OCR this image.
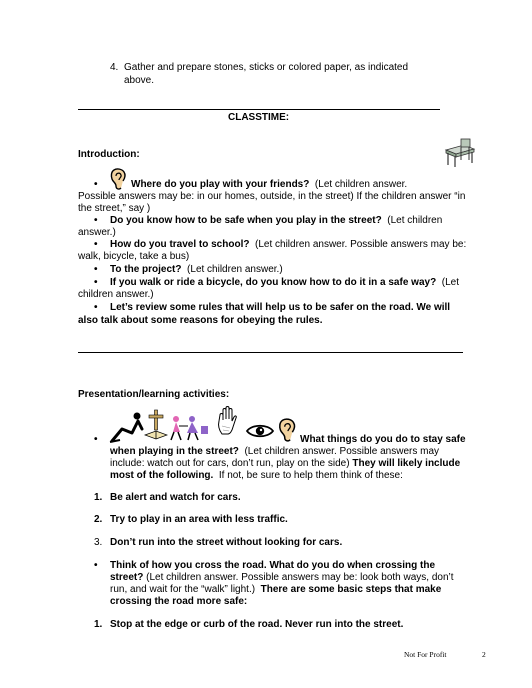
4. Gather and prepare stones, sticks or colored paper, as indicated
above.
CLASSTIME:
Introduction:
•	Where do you play with your friends? (Let children answer.
Possible answers may be: in our homes, outside, in the street) If the children answer “in
the street,” say )
• Do you know how to be safe when you play in the street? (Let children
answer.)
• How do you travel to school? (Let children answer. Possible answers may be:
walk, bicycle, take a bus)
• To the project? (Let children answer.)
• If you walk or ride a bicycle, do you know how to do it in a safe way? (Let
children answer.)
• Let’s review some rules that will help us to be safer on the road. We will
also talk about some reasons for obeying the rules.
Presentation/learning activities:
•	What things do you do to stay safe
when playing in the street? (Let children answer. Possible answers may
include: watch out for cars, don’t run, play on the side) They will likely include
most of the following. If not, be sure to help them think of these:
1. Be alert and watch for cars.
2. Try to play in an area with less traffic.
3. Don’t run into the street without looking for cars.
• Think of how you cross the road. What do you do when crossing the
street? (Let children answer. Possible answers may be: look both ways, don’t
run, and wait for the “walk” light.) There are some basic steps that make
crossing the road more safe:
1. Stop at the edge or curb of the road. Never run into the street.
Not For Profit	2
